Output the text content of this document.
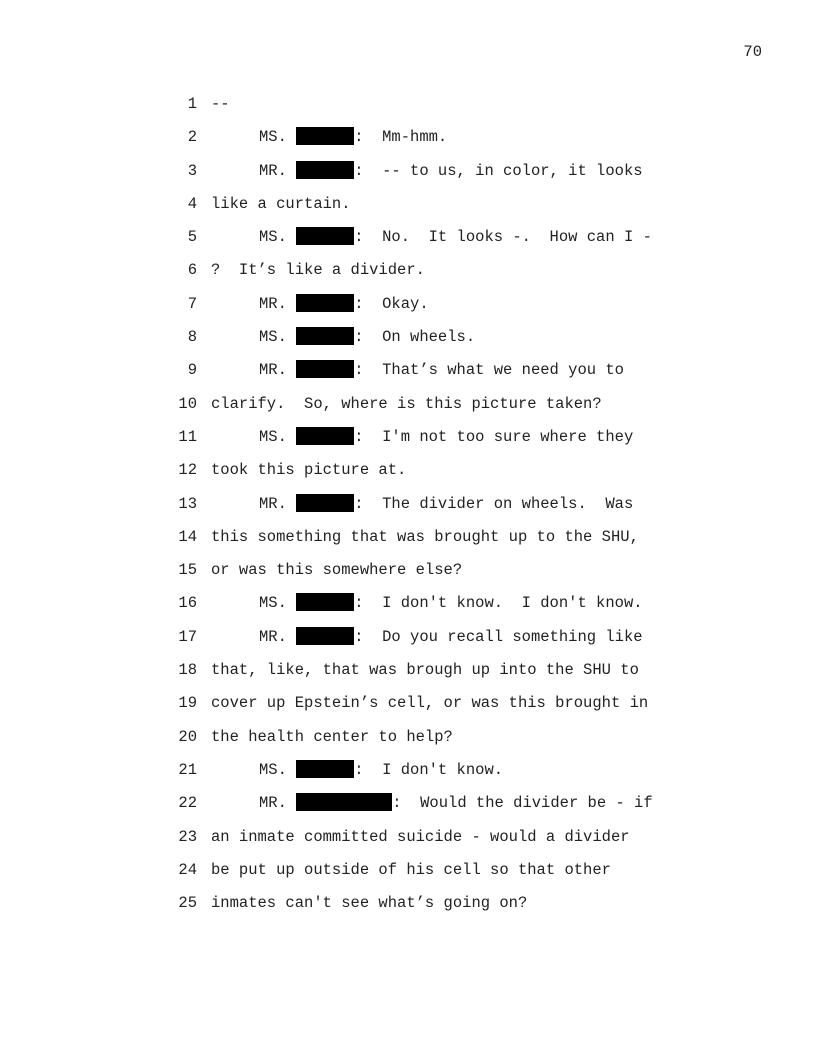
70
1 --
2	MS.	:  Mm-hmm.
3	MR.	:  -- to us, in color, it looks
4 like a curtain.
5	MS.	:  No.  It looks -.  How can I -
6 ?  It’s like a divider.
7	MR.	:  Okay.
8	MS.	:  On wheels.
9	MR.	:  That’s what we need you to
10 clarify.  So, where is this picture taken?
11	MS.	:  I'm not too sure where they
12 took this picture at.
13	MR.	:  The divider on wheels.  Was
14 this something that was brought up to the SHU,
15 or was this somewhere else?
16	MS.	:  I don't know.  I don't know.
17	MR.	:  Do you recall something like
18 that, like, that was brough up into the SHU to
19 cover up Epstein’s cell, or was this brought in
20 the health center to help?
21	MS.	:  I don't know.
22	MR.	:  Would the divider be - if
23 an inmate committed suicide - would a divider
24 be put up outside of his cell so that other
25 inmates can't see what’s going on?
